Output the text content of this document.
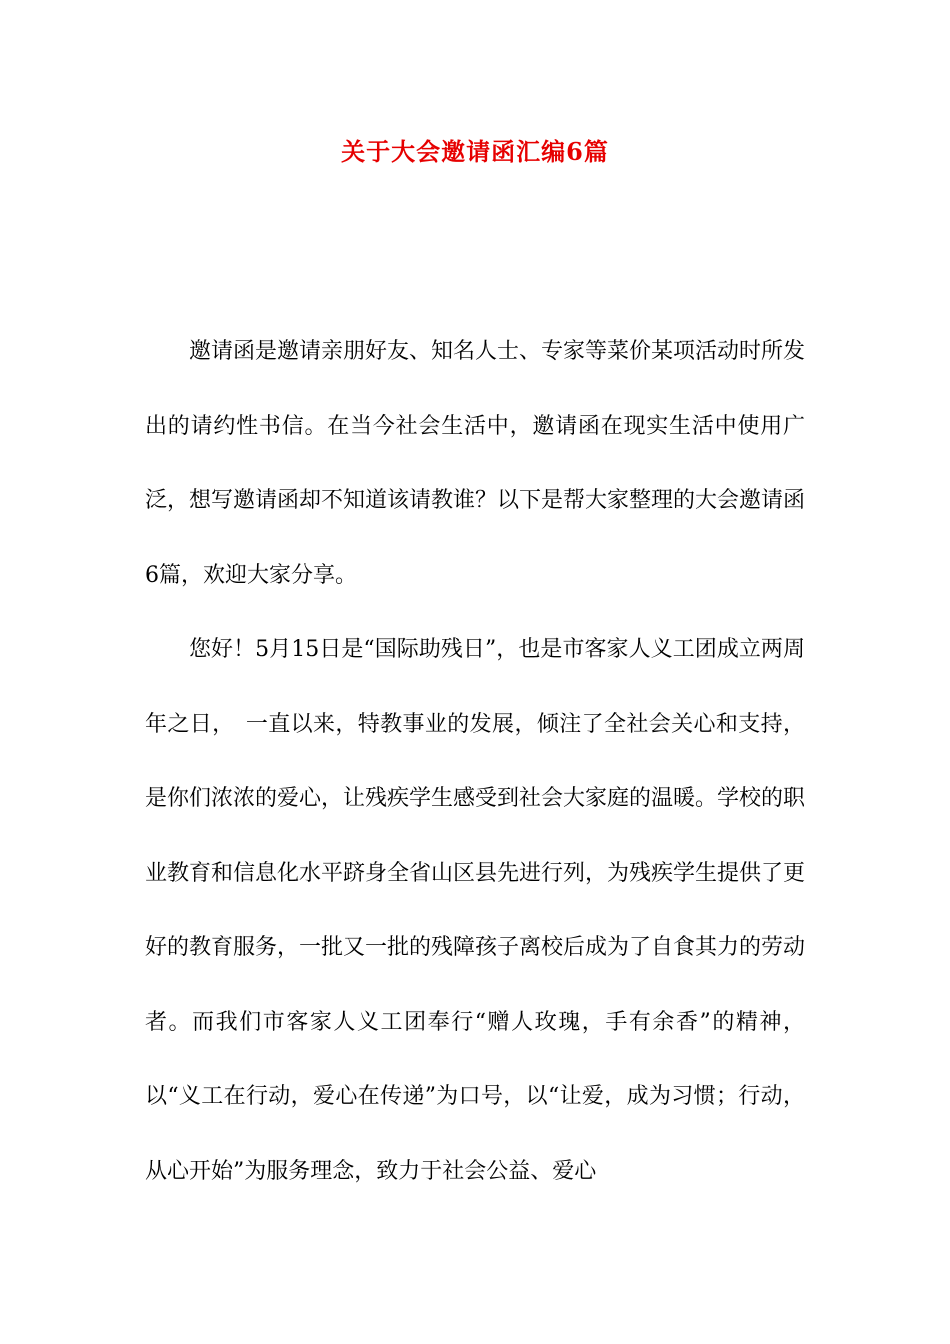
关于大会邀请函汇编6篇

邀请函是邀请亲朋好友、知名人士、专家等菜价某项活动时所发出的请约性书信。在当今社会生活中，邀请函在现实生活中使用广泛，想写邀请函却不知道该请教谁？以下是帮大家整理的大会邀请函6篇，欢迎大家分享。

您好！5月15日是“国际助残日”，也是市客家人义工团成立两周年之日，　一直以来，特教事业的发展，倾注了全社会关心和支持，是你们浓浓的爱心，让残疾学生感受到社会大家庭的温暖。学校的职业教育和信息化水平跻身全省山区县先进行列，为残疾学生提供了更好的教育服务，一批又一批的残障孩子离校后成为了自食其力的劳动者。而我们市客家人义工团奉行“赠人玫瑰，手有余香”的精神，以“义工在行动，爱心在传递”为口号，以“让爱，成为习惯；行动，从心开始”为服务理念，致力于社会公益、爱心
